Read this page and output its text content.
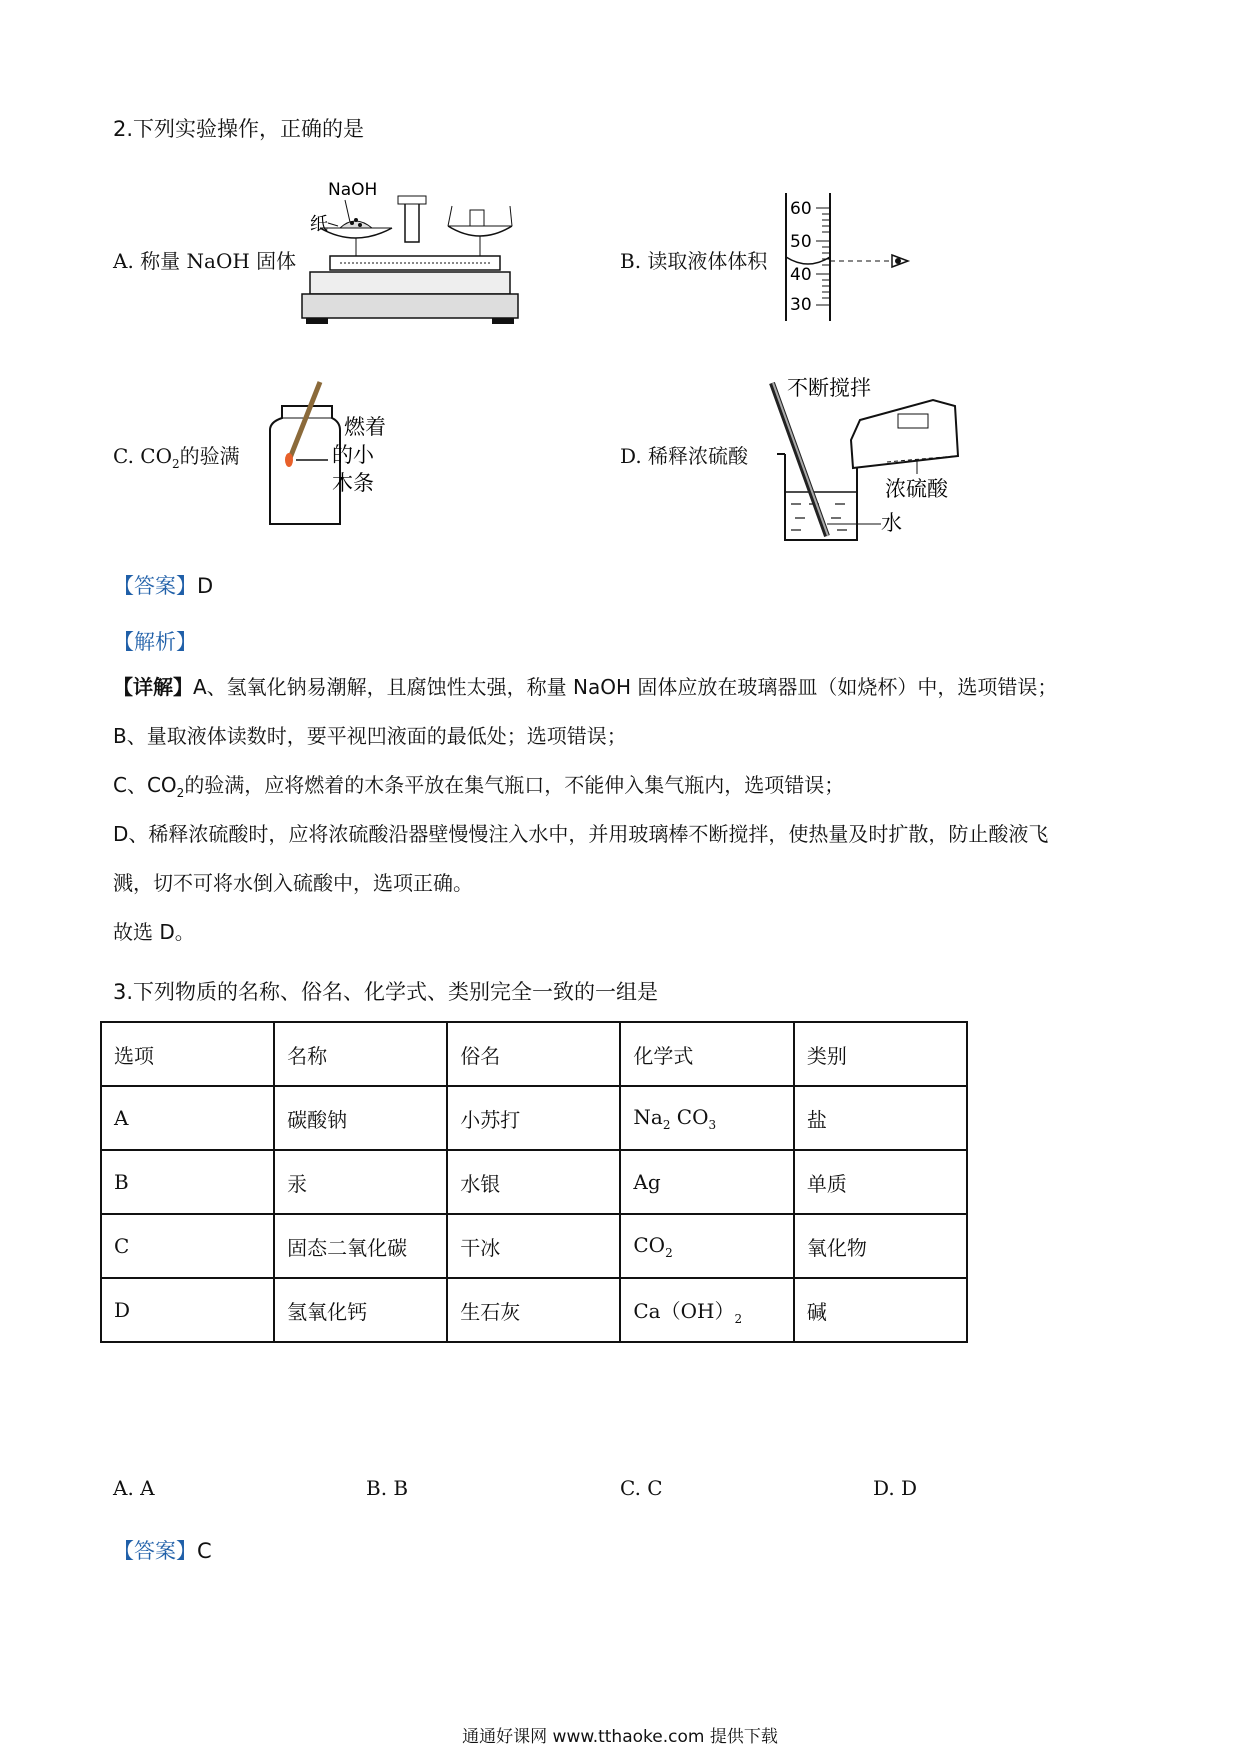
2.下列实验操作，正确的是
A. 称量 NaOH 固体
NaOH
纸
B. 读取液体体积
60
50
40
30
C. $CO_2$的验满
燃着
的小
木条
D. 稀释浓硫酸
不断搅拌
浓硫酸
水
【答案】D
【解析】
【详解】A、氢氧化钠易潮解，且腐蚀性太强，称量 NaOH 固体应放在玻璃器皿（如烧杯）中，选项错误；
B、量取液体读数时，要平视凹液面的最低处；选项错误；
C、$CO_2$的验满，应将燃着的木条平放在集气瓶口，不能伸入集气瓶内，选项错误；
D、稀释浓硫酸时，应将浓硫酸沿器壁慢慢注入水中，并用玻璃棒不断搅拌，使热量及时扩散，防止酸液飞
溅，切不可将水倒入硫酸中，选项正确。
故选 D。
3.下列物质的名称、俗名、化学式、类别完全一致的一组是
选项	名称	俗名	化学式	类别
A	碳酸钠	小苏打	$Na_2$ $CO_3$	盐
B	汞	水银	Ag	单质
C	固态二氧化碳	干冰	$CO_2$	氧化物
D	氢氧化钙	生石灰	$Ca(OH)_2$	碱
A. A	B. B	C. C	D. D
【答案】C
通通好课网 www.tthaoke.com 提供下载
